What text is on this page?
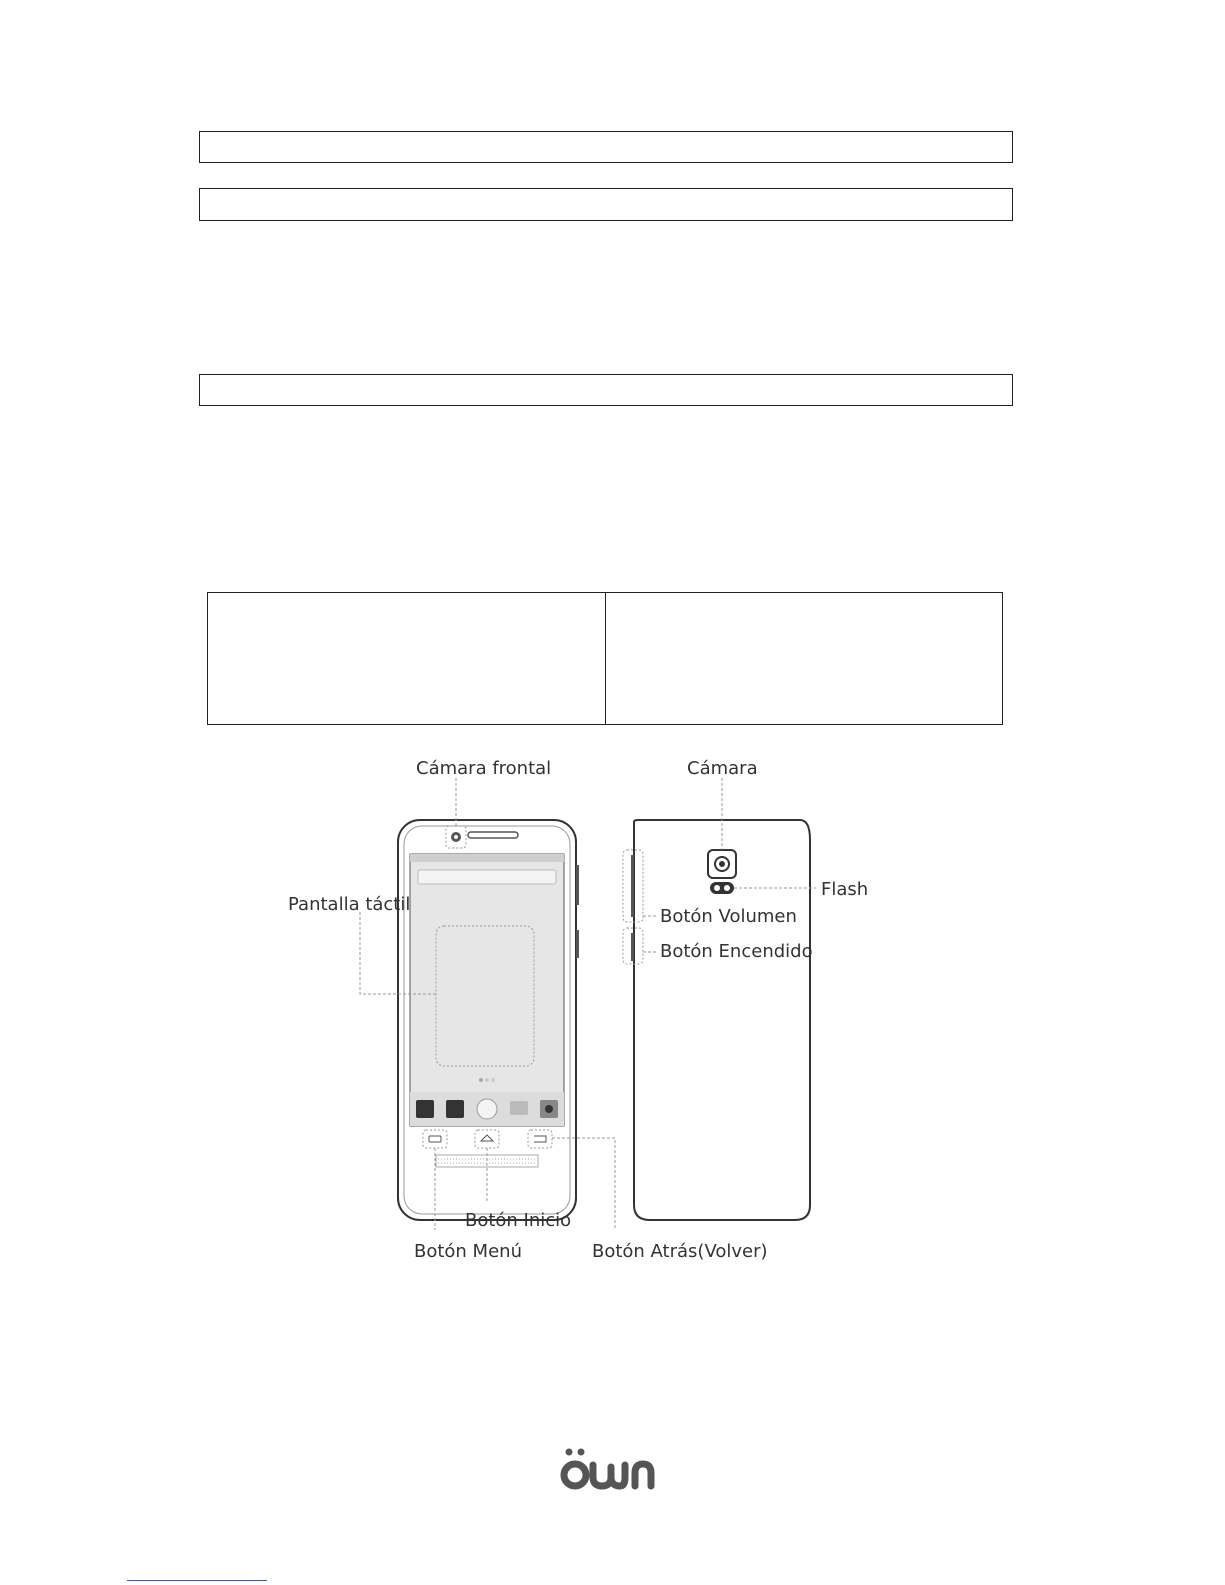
Cámara frontal	Cámara
Flash
Pantalla táctil
Botón Volumen
Botón Encendido
Botón Inicio
Botón Menú	Botón Atrás(Volver)
